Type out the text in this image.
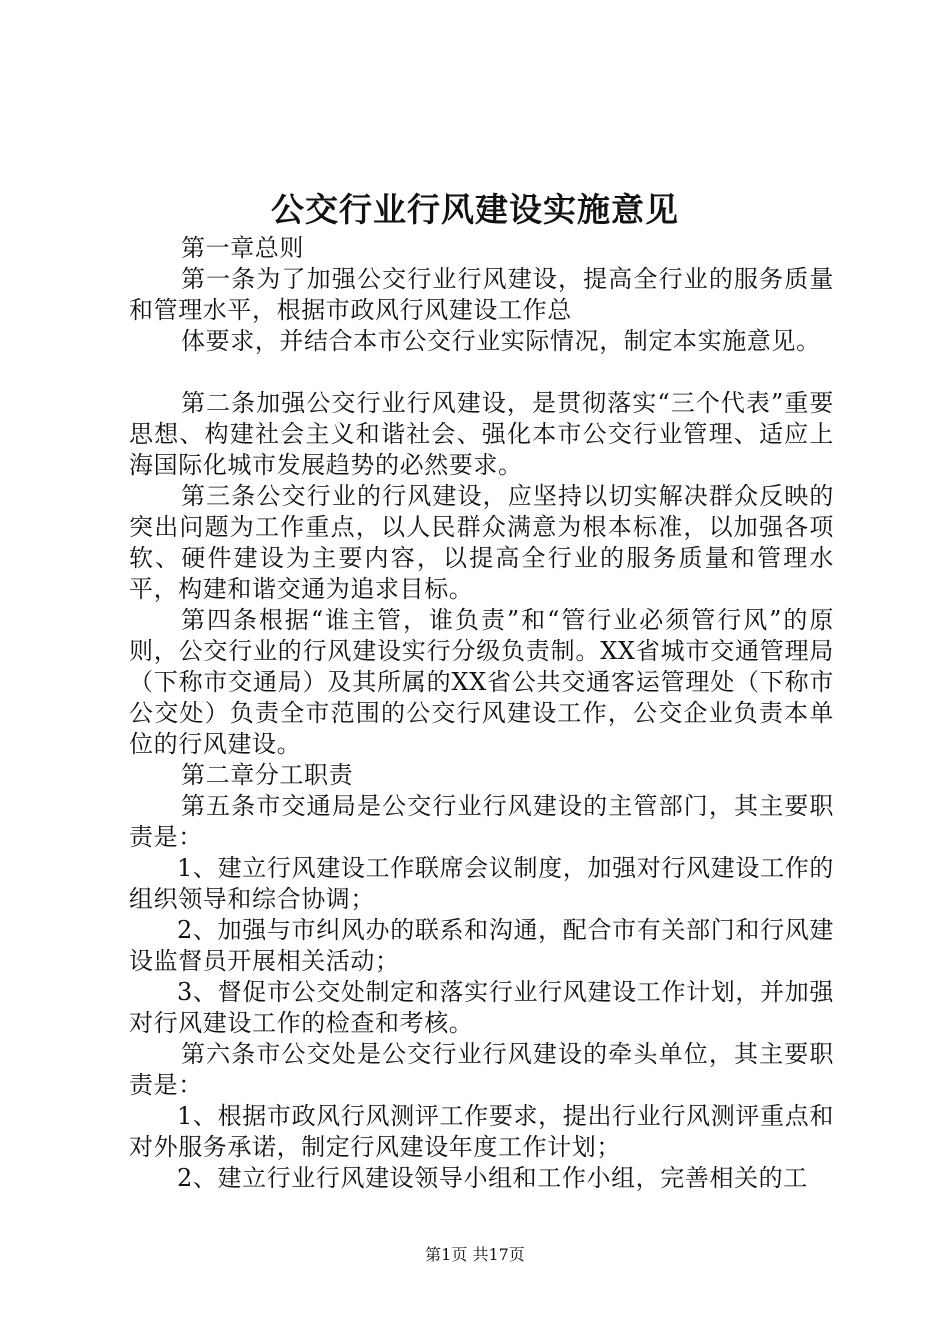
公交行业行风建设实施意见

第一章总则

第一条为了加强公交行业行风建设，提高全行业的服务质量和管理水平，根据市政风行风建设工作总

体要求，并结合本市公交行业实际情况，制定本实施意见。

第二条加强公交行业行风建设，是贯彻落实“三个代表”重要思想、构建社会主义和谐社会、强化本市公交行业管理、适应上海国际化城市发展趋势的必然要求。

第三条公交行业的行风建设，应坚持以切实解决群众反映的突出问题为工作重点，以人民群众满意为根本标准，以加强各项软、硬件建设为主要内容，以提高全行业的服务质量和管理水平，构建和谐交通为追求目标。

第四条根据“谁主管，谁负责”和“管行业必须管行风”的原则，公交行业的行风建设实行分级负责制。XX省城市交通管理局（下称市交通局）及其所属的XX省公共交通客运管理处（下称市公交处）负责全市范围的公交行风建设工作，公交企业负责本单位的行风建设。

第二章分工职责

第五条市交通局是公交行业行风建设的主管部门，其主要职责是：

1、建立行风建设工作联席会议制度，加强对行风建设工作的组织领导和综合协调；

2、加强与市纠风办的联系和沟通，配合市有关部门和行风建设监督员开展相关活动；

3、督促市公交处制定和落实行业行风建设工作计划，并加强对行风建设工作的检查和考核。

第六条市公交处是公交行业行风建设的牵头单位，其主要职责是：

1、根据市政风行风测评工作要求，提出行业行风测评重点和对外服务承诺，制定行风建设年度工作计划；

2、建立行业行风建设领导小组和工作小组，完善相关的工

第1页 共17页
